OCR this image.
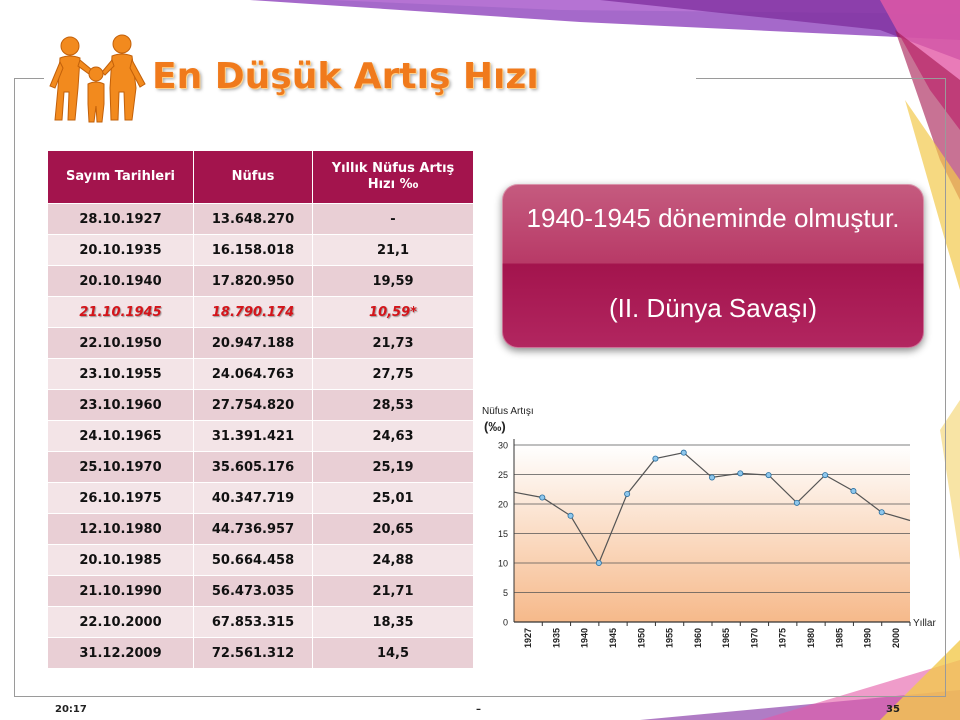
En Düşük Artış Hızı
Sayım Tarihleri	Nüfus	Yıllık Nüfus Artış Hızı ‰
28.10.1927	13.648.270	-
20.10.1935	16.158.018	21,1
20.10.1940	17.820.950	19,59
21.10.1945	18.790.174	10,59*
22.10.1950	20.947.188	21,73
23.10.1955	24.064.763	27,75
23.10.1960	27.754.820	28,53
24.10.1965	31.391.421	24,63
25.10.1970	35.605.176	25,19
26.10.1975	40.347.719	25,01
12.10.1980	44.736.957	20,65
20.10.1985	50.664.458	24,88
21.10.1990	56.473.035	21,71
22.10.2000	67.853.315	18,35
31.12.2009	72.561.312	14,5
1940-1945 döneminde olmuştur.
(II. Dünya Savaşı)
Nüfus Artışı
(‰)
Yıllar
0
5
10
15
20
25
30
1927 1935 1940 1945 1950 1955 1960 1965 1970 1975 1980 1985 1990 2000
20:17	–	35
